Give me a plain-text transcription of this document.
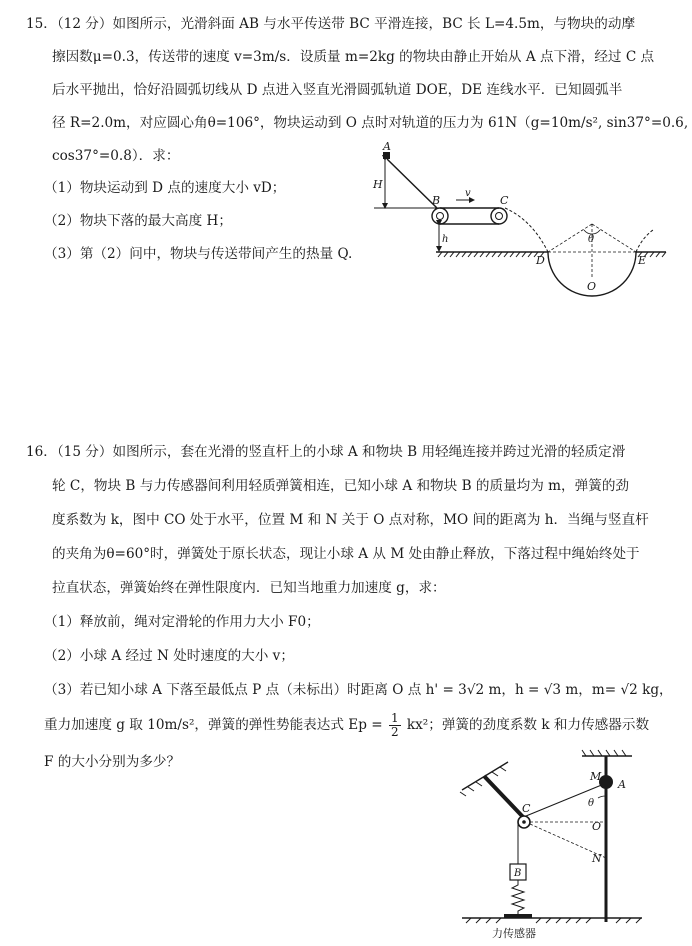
15．（12 分）如图所示，光滑斜面 AB 与水平传送带 BC 平滑连接，BC 长 L=4.5m，与物块的动摩
擦因数μ=0.3，传送带的速度 v=3m/s．设质量 m=2kg 的物块由静止开始从 A 点下滑，经过 C 点
后水平抛出，恰好沿圆弧切线从 D 点进入竖直光滑圆弧轨道 DOE，DE 连线水平．已知圆弧半
径 R=2.0m，对应圆心角θ=106°，物块运动到 O 点时对轨道的压力为 61N（g=10m/s², sin37°=0.6,
cos37°=0.8）．求：
（1）物块运动到 D 点的速度大小 vD；
（2）物块下落的最大高度 H；
（3）第（2）问中，物块与传送带间产生的热量 Q.
A
H
B
v
C
h	θ
D	E
O
16．（15 分）如图所示，套在光滑的竖直杆上的小球 A 和物块 B 用轻绳连接并跨过光滑的轻质定滑
轮 C，物块 B 与力传感器间利用轻质弹簧相连，已知小球 A 和物块 B 的质量均为 m，弹簧的劲
度系数为 k，图中 CO 处于水平，位置 M 和 N 关于 O 点对称，MO 间的距离为 h．当绳与竖直杆
的夹角为θ=60°时，弹簧处于原长状态，现让小球 A 从 M 处由静止释放，下落过程中绳始终处于
拉直状态，弹簧始终在弹性限度内．已知当地重力加速度 g，求：
（1）释放前，绳对定滑轮的作用力大小 F0；
（2）小球 A 经过 N 处时速度的大小 v；
（3）若已知小球 A 下落至最低点 P 点（未标出）时距离 O 点 h' = 3√2 m，h = √3 m，m= √2 kg，
重力加速度 g 取 10m/s²，弹簧的弹性势能表达式 $Ep = \frac{1}{2} kx^2$；弹簧的劲度系数 k 和力传感器示数
F 的大小分别为多少？
M
A
C	θ
O
N
B
力传感器
